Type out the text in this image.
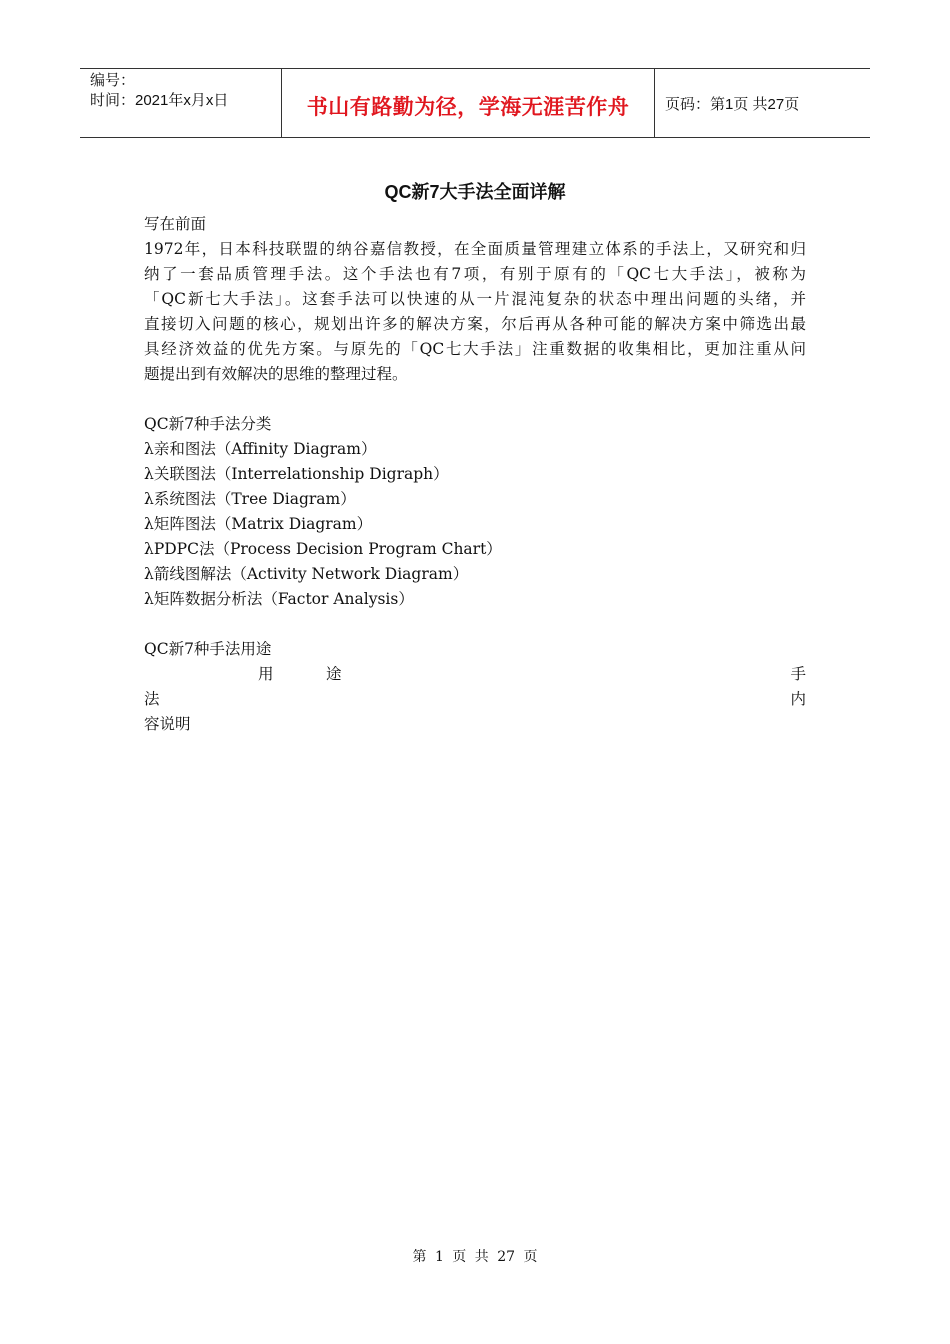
编号：
时间：2021年x月x日	书山有路勤为径，学海无涯苦作舟	页码：第1页 共27页
QC新7大手法全面详解
写在前面
1972年，日本科技联盟的纳谷嘉信教授，在全面质量管理建立体系的手法上，又研究和归
纳了一套品质管理手法。这个手法也有7项，有别于原有的「QC七大手法」，被称为
「QC新七大手法」。这套手法可以快速的从一片混沌复杂的状态中理出问题的头绪，并
直接切入问题的核心，规划出许多的解决方案，尔后再从各种可能的解决方案中筛选出最
具经济效益的优先方案。与原先的「QC七大手法」注重数据的收集相比，更加注重从问
题提出到有效解决的思维的整理过程。
QC新7种手法分类
λ亲和图法（Affinity Diagram）
λ关联图法（Interrelationship Digraph）
λ系统图法（Tree Diagram）
λ矩阵图法（Matrix Diagram）
λPDPC法（Process Decision Program Chart）
λ箭线图解法（Activity Network Diagram）
λ矩阵数据分析法（Factor Analysis）
QC新7种手法用途
用	途	手
法	内
容说明
第 1 页 共 27 页
